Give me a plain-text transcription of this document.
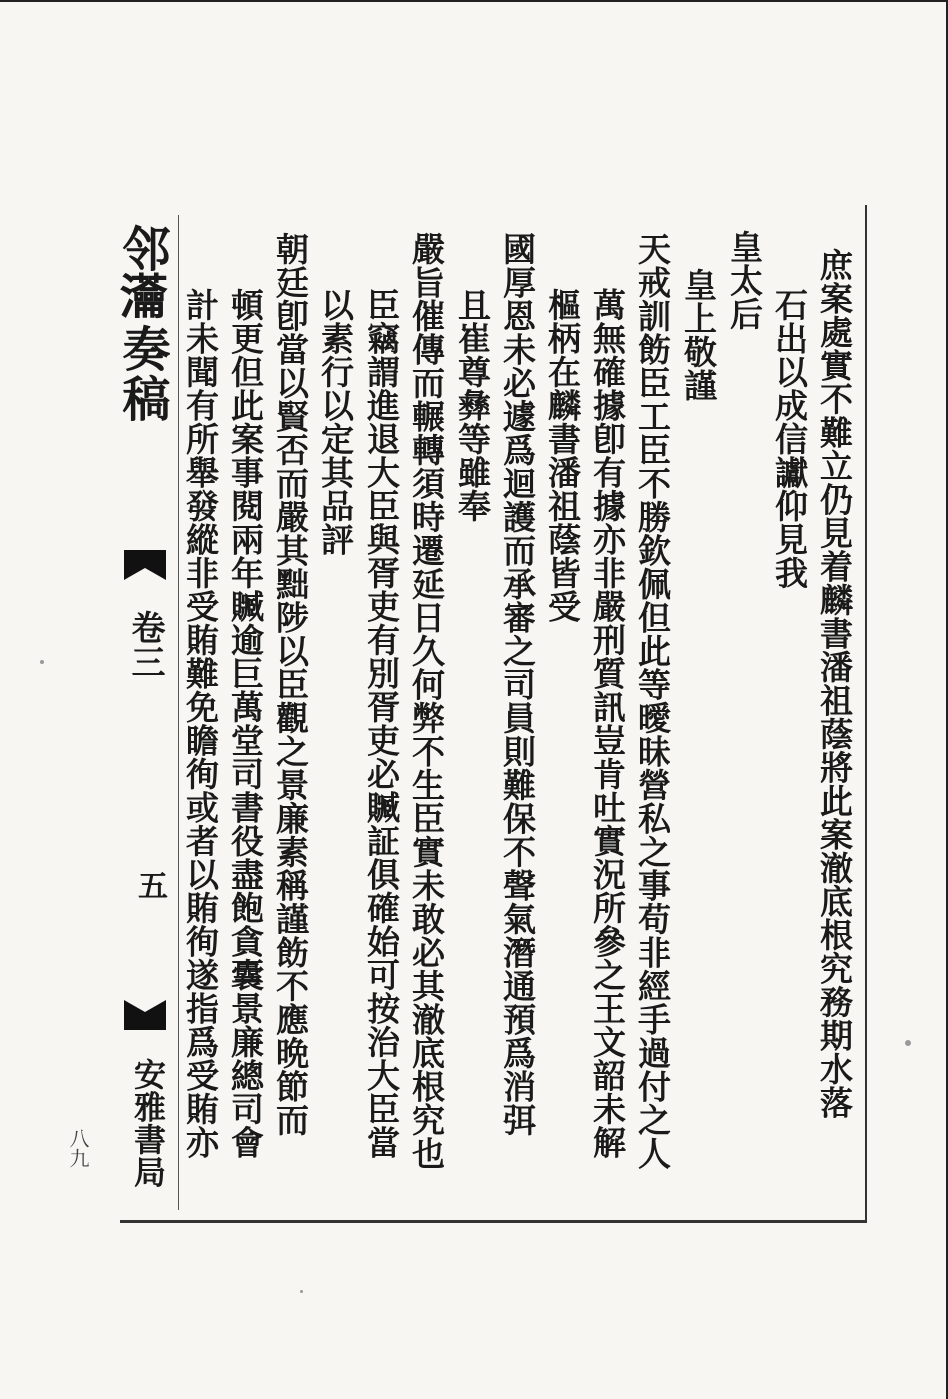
邻𤅢奏稿
卷三
五
安雅書局
八九
庶案處實不難立仍見着麟書潘祖蔭將此案澈底根究務期水落
石出以成信讞仰見我
皇太后
皇上敬謹
天戒訓飭臣工臣不勝欽佩但此等曖昧營私之事苟非經手過付之人
萬無確據卽有據亦非嚴刑質訊豈肯吐實況所參之王文韶未解
樞柄在麟書潘祖蔭皆受
國厚恩未必遽爲迴護而承審之司員則難保不聲氣潛通預爲消弭
且崔尊彝等雖奉
嚴旨催傳而輾轉須時遷延日久何弊不生臣實未敢必其澈底根究也
臣竊謂進退大臣與胥吏有別胥吏必贓証俱確始可按治大臣當
以素行以定其品評
朝廷卽當以賢否而嚴其黜陟以臣觀之景廉素稱謹飭不應晩節而
頓更但此案事閱兩年贓逾巨萬堂司書役盡飽貪囊景廉總司會
計未聞有所舉發縱非受賄難免瞻徇或者以賄徇遂指爲受賄亦
